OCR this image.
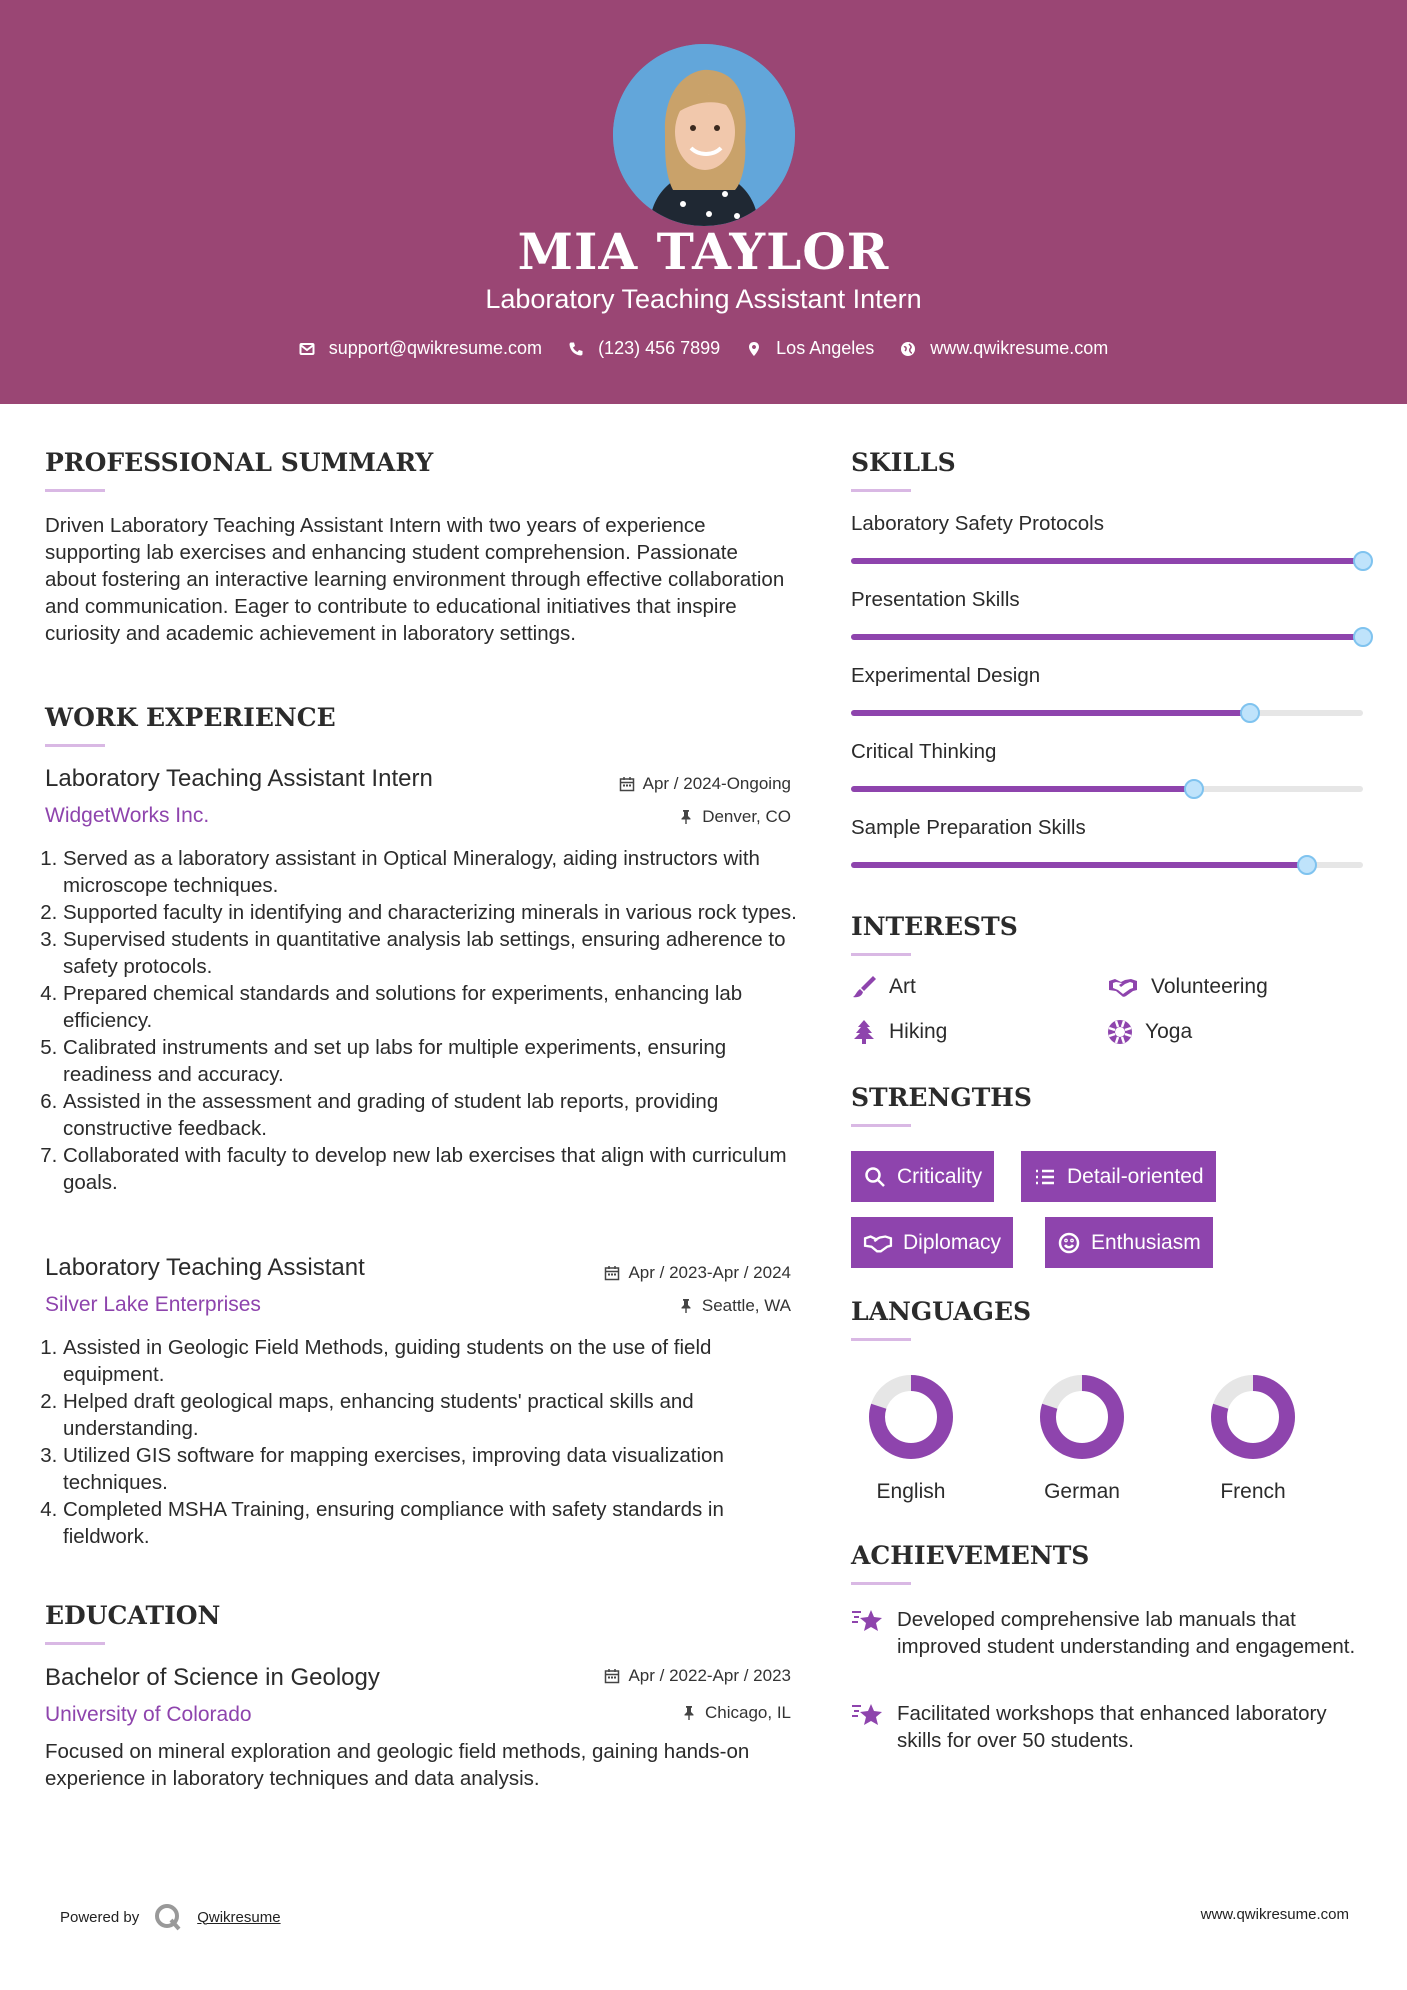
MIA TAYLOR
Laboratory Teaching Assistant Intern
support@qwikresume.com	(123) 456 7899	Los Angeles	www.qwikresume.com
PROFESSIONAL SUMMARY
Driven Laboratory Teaching Assistant Intern with two years of experience supporting lab exercises and enhancing student comprehension. Passionate about fostering an interactive learning environment through effective collaboration and communication. Eager to contribute to educational initiatives that inspire curiosity and academic achievement in laboratory settings.
WORK EXPERIENCE
Laboratory Teaching Assistant Intern	Apr / 2024-Ongoing
WidgetWorks Inc.	Denver, CO
1. Served as a laboratory assistant in Optical Mineralogy, aiding instructors with microscope techniques.
2. Supported faculty in identifying and characterizing minerals in various rock types.
3. Supervised students in quantitative analysis lab settings, ensuring adherence to safety protocols.
4. Prepared chemical standards and solutions for experiments, enhancing lab efficiency.
5. Calibrated instruments and set up labs for multiple experiments, ensuring readiness and accuracy.
6. Assisted in the assessment and grading of student lab reports, providing constructive feedback.
7. Collaborated with faculty to develop new lab exercises that align with curriculum goals.
Laboratory Teaching Assistant	Apr / 2023-Apr / 2024
Silver Lake Enterprises	Seattle, WA
1. Assisted in Geologic Field Methods, guiding students on the use of field equipment.
2. Helped draft geological maps, enhancing students' practical skills and understanding.
3. Utilized GIS software for mapping exercises, improving data visualization techniques.
4. Completed MSHA Training, ensuring compliance with safety standards in fieldwork.
EDUCATION
Bachelor of Science in Geology	Apr / 2022-Apr / 2023
University of Colorado	Chicago, IL
Focused on mineral exploration and geologic field methods, gaining hands-on experience in laboratory techniques and data analysis.
SKILLS
Laboratory Safety Protocols
Presentation Skills
Experimental Design
Critical Thinking
Sample Preparation Skills
INTERESTS
Art	Volunteering
Hiking	Yoga
STRENGTHS
Criticality	Detail-oriented
Diplomacy	Enthusiasm
LANGUAGES
English	German	French
ACHIEVEMENTS
Developed comprehensive lab manuals that improved student understanding and engagement.
Facilitated workshops that enhanced laboratory skills for over 50 students.
Powered by	Qwikresume	www.qwikresume.com
